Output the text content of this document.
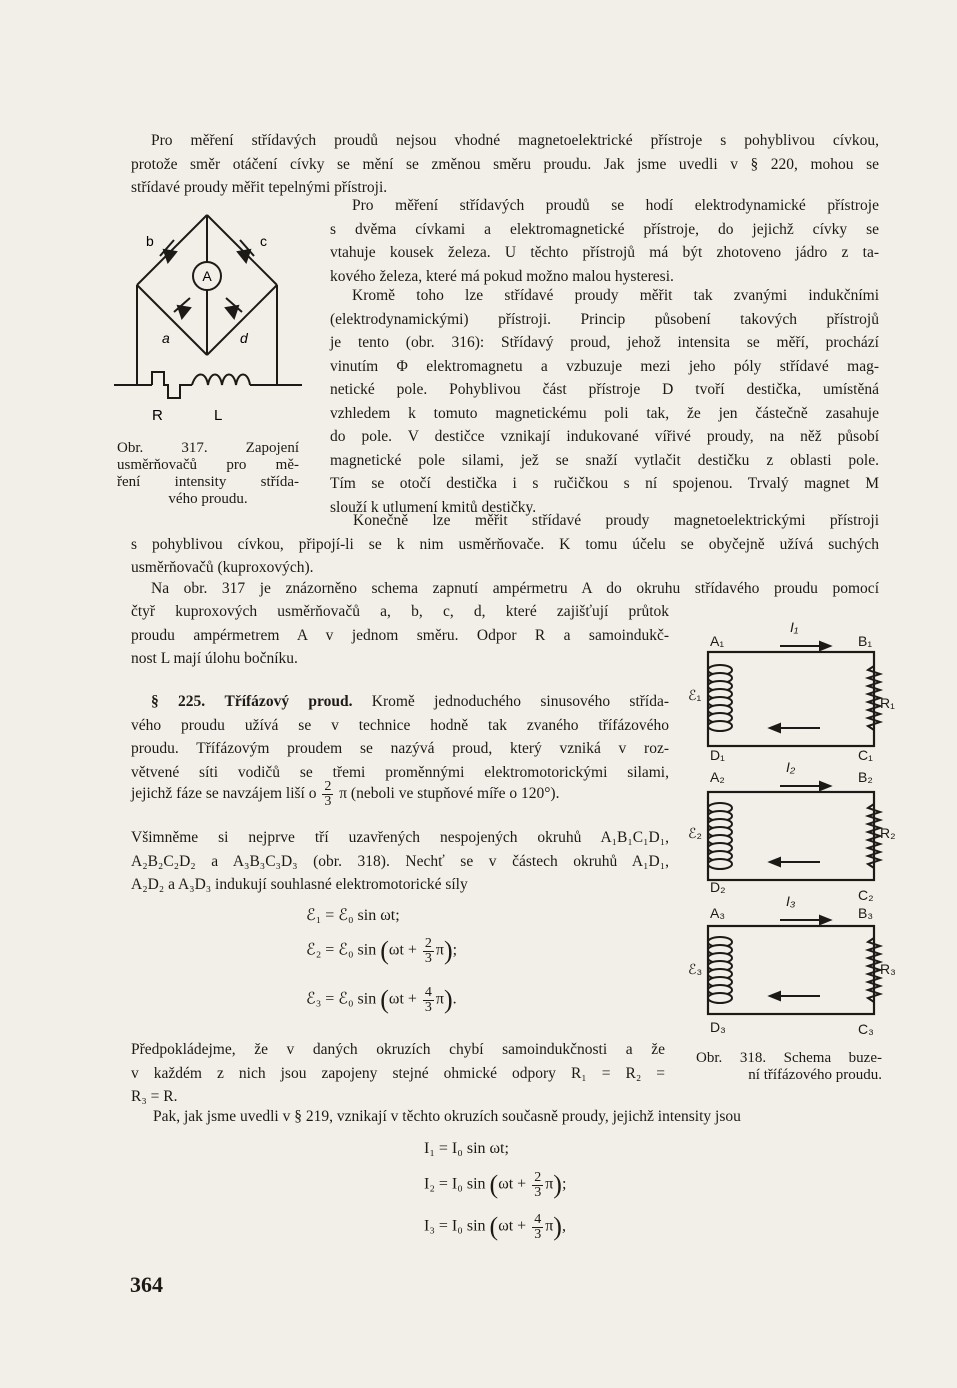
Pro měření střídavých proudů nejsou vhodné magnetoelektrické přístroje s pohyblivou cívkou,
protože směr otáčení cívky se mění se změnou směru proudu. Jak jsme uvedli v § 220, mohou se
střídavé proudy měřit tepelnými přístroji.
A
b	c
a	d
R	L
Obr. 317. Zapojení
usměrňovačů pro mě-
ření intensity střída-
vého proudu.
Pro měření střídavých proudů se hodí elektrodynamické přístroje
s dvěma cívkami a elektromagnetické přístroje, do jejichž cívky se
vtahuje kousek železa. U těchto přístrojů má být zhotoveno jádro z ta-
kového železa, které má pokud možno malou hysteresi.
Kromě toho lze střídavé proudy měřit tak zvanými indukčními
(elektrodynamickými) přístroji. Princip působení takových přístrojů
je tento (obr. 316): Střídavý proud, jehož intensita se měří, prochází
vinutím Φ elektromagnetu a vzbuzuje mezi jeho póly střídavé mag-
netické pole. Pohyblivou část přístroje D tvoří destička, umístěná
vzhledem k tomuto magnetickému poli tak, že jen částečně zasahuje
do pole. V destičce vznikají indukované vířivé proudy, na něž působí
magnetické pole silami, jež se snaží vytlačit destičku z oblasti pole.
Tím se otočí destička i s ručičkou s ní spojenou. Trvalý magnet M
slouží k utlumení kmitů destičky.
Konečně lze měřit střídavé proudy magnetoelektrickými přístroji
s pohyblivou cívkou, připojí-li se k nim usměrňovače. K tomu účelu se obyčejně užívá suchých
usměrňovačů (kuproxových).
Na obr. 317 je znázorněno schema zapnutí ampérmetru A do okruhu střídavého proudu pomocí
čtyř kuproxových usměrňovačů a, b, c, d, které zajišťují průtok
proudu ampérmetrem A v jednom směru. Odpor R a samoindukč-
nost L mají úlohu bočníku.
§ 225. Třífázový proud. Kromě jednoduchého sinusového střída-
vého proudu užívá se v technice hodně tak zvaného třífázového
proudu. Třífázovým proudem se nazývá proud, který vzniká v roz-
větvené síti vodičů se třemi proměnnými elektromotorickými silami,
jejichž fáze se navzájem liší o $\frac{2}{3}$ π (neboli ve stupňové míře o 120°).
Všimněme si nejprve tří uzavřených nespojených okruhů A₁B₁C₁D₁,
A₂B₂C₂D₂ a A₃B₃C₃D₃ (obr. 318). Nechť se v částech okruhů A₁D₁,
A₂D₂ a A₃D₃ indukují souhlasné elektromotorické síly
ℰ₁ = ℰ₀ sin ωt;
ℰ₂ = ℰ₀ $\sin (\omega t + \frac{2}{3} \pi)$;
ℰ₃ = ℰ₀ $\sin (\omega t + \frac{4}{3} \pi)$.
Předpokládejme, že v daných okruzích chybí samoindukčnosti a že
v každém z nich jsou zapojeny stejné ohmické odpory R₁ = R₂ =
R₃ = R.
Pak, jak jsme uvedli v § 219, vznikají v těchto okruzích současně proudy, jejichž intensity jsou
I₁ = I₀ sin ωt;
I₂ = I₀ $\sin (\omega t + \frac{2}{3} \pi)$;
I₃ = I₀ $\sin (\omega t + \frac{4}{3} \pi)$,
A₁	B₁
C₁
D₁
ℰ₁	R₁
I₁
A₂	B₂
C₂
D₂
ℰ₂	R₂
I₂
A₃	B₃
C₃
D₃
ℰ₃	R₃
I₃
Obr. 318. Schema buze-
ní třífázového proudu.
364
